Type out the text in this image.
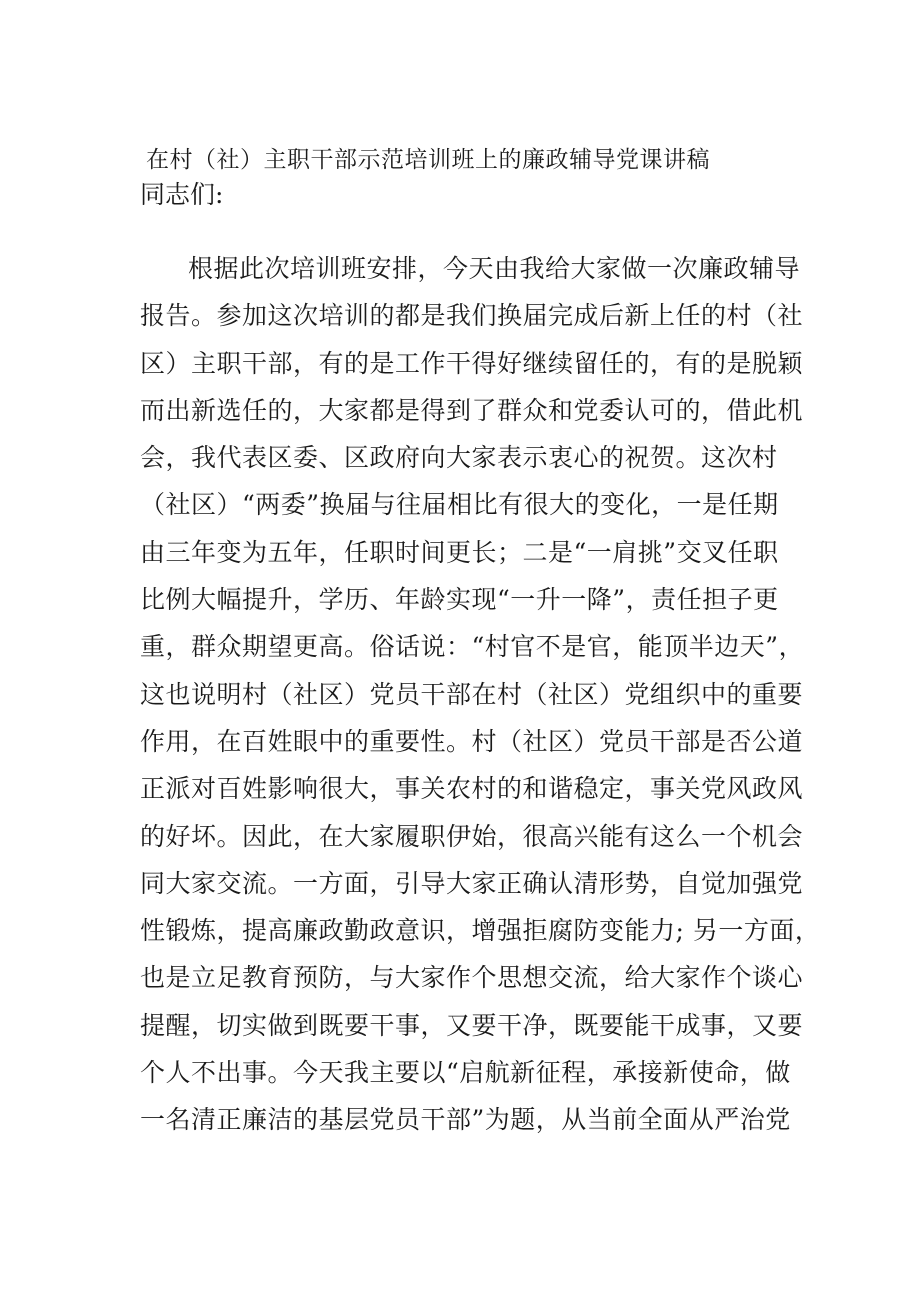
在村（社）主职干部示范培训班上的廉政辅导党课讲稿
同志们:
根据此次培训班安排，今天由我给大家做一次廉政辅导
报告。参加这次培训的都是我们换届完成后新上任的村（社
区）主职干部，有的是工作干得好继续留任的，有的是脱颖
而出新选任的，大家都是得到了群众和党委认可的，借此机
会，我代表区委、区政府向大家表示衷心的祝贺。这次村
（社区）“两委”换届与往届相比有很大的变化，一是任期
由三年变为五年，任职时间更长；二是“一肩挑”交叉任职
比例大幅提升，学历、年龄实现“一升一降”，责任担子更
重，群众期望更高。俗话说：“村官不是官，能顶半边天”，
这也说明村（社区）党员干部在村（社区）党组织中的重要
作用，在百姓眼中的重要性。村（社区）党员干部是否公道
正派对百姓影响很大，事关农村的和谐稳定，事关党风政风
的好坏。因此，在大家履职伊始，很高兴能有这么一个机会
同大家交流。一方面，引导大家正确认清形势，自觉加强党
性锻炼，提高廉政勤政意识，增强拒腐防变能力; 另一方面，
也是立足教育预防，与大家作个思想交流，给大家作个谈心
提醒，切实做到既要干事，又要干净，既要能干成事，又要
个人不出事。今天我主要以“启航新征程，承接新使命，做
一名清正廉洁的基层党员干部”为题，从当前全面从严治党
